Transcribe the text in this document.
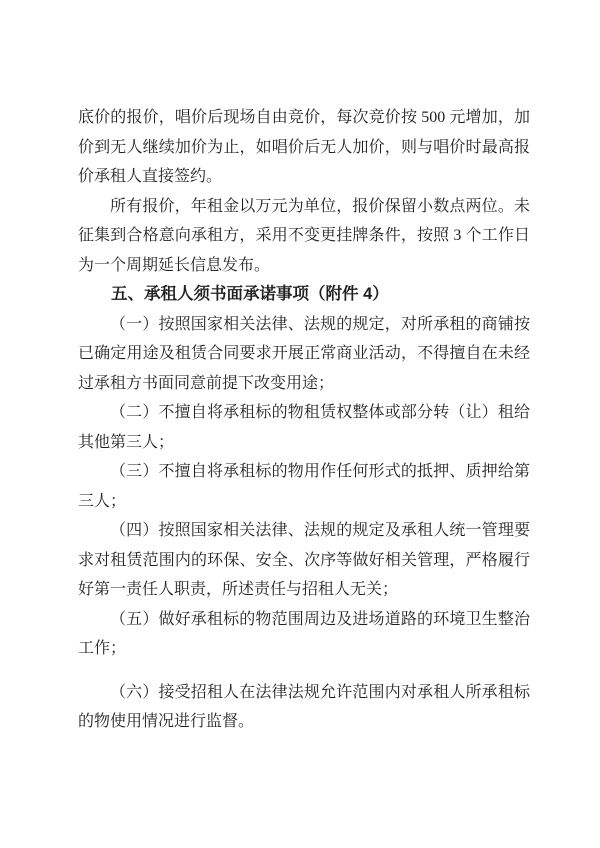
底价的报价，唱价后现场自由竞价，每次竞价按 500 元增加，加价到无人继续加价为止，如唱价后无人加价，则与唱价时最高报价承租人直接签约。

所有报价，年租金以万元为单位，报价保留小数点两位。未征集到合格意向承租方，采用不变更挂牌条件，按照 3 个工作日为一个周期延长信息发布。

五、承租人须书面承诺事项（附件 4）

（一）按照国家相关法律、法规的规定，对所承租的商铺按已确定用途及租赁合同要求开展正常商业活动，不得擅自在未经过承租方书面同意前提下改变用途；

（二）不擅自将承租标的物租赁权整体或部分转（让）租给其他第三人；

（三）不擅自将承租标的物用作任何形式的抵押、质押给第三人；

（四）按照国家相关法律、法规的规定及承租人统一管理要求对租赁范围内的环保、安全、次序等做好相关管理，严格履行好第一责任人职责，所述责任与招租人无关；

（五）做好承租标的物范围周边及进场道路的环境卫生整治工作；

（六）接受招租人在法律法规允许范围内对承租人所承租标的物使用情况进行监督。
